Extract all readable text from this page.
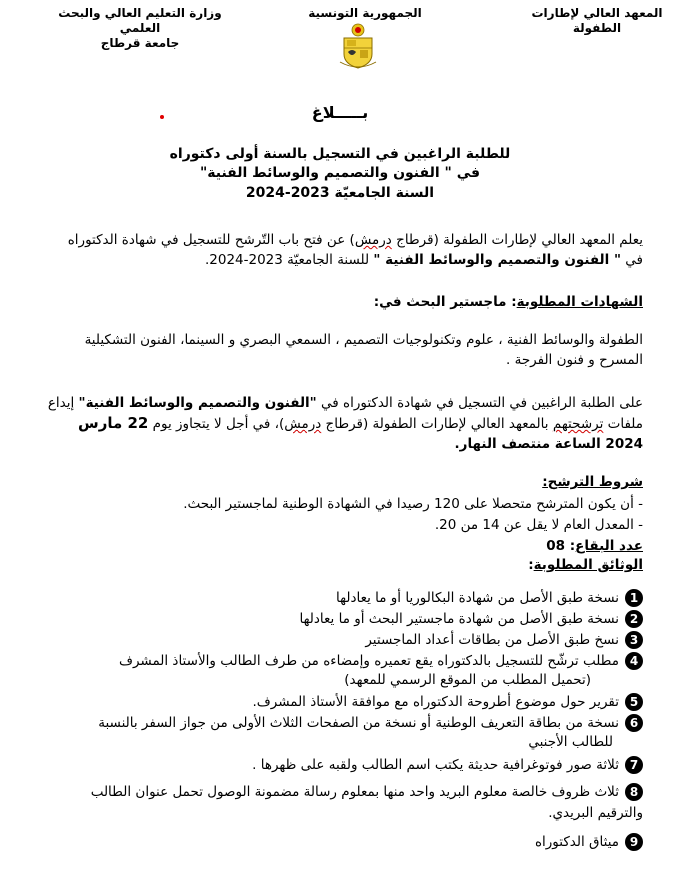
المعهد العالي لإطارات الطفولة
الجمهورية التونسية
وزارة التعليم العالي والبحث العلمي
جامعة قرطاج
بـــــلاغ
للطلبة الراغبين في التسجيل بالسنة أولى دكتوراه
في " الفنون والتصميم والوسائط الفنية"
السنة الجامعيّة 2023-2024
يعلم المعهد العالي لإطارات الطفولة (قرطاج درمش) عن فتح باب التّرشح للتسجيل في شهادة الدكتوراه
في " الفنون والتصميم والوسائط الفنية " للسنة الجامعيّة 2023-2024.
الشهادات المطلوبة: ماجستير البحث في:
الطفولة والوسائط الفنية ، علوم وتكنولوجيات التصميم ، السمعي البصري و السينما، الفنون التشكيلية
المسرح و فنون الفرجة .
على الطلبة الراغبين في التسجيل في شهادة الدكتوراه في "الفنون والتصميم والوسائط الفنية" إيداع
ملفات ترشحتهم بالمعهد العالي لإطارات الطفولة (قرطاج درمش)، في أجل لا يتجاوز يوم 22 مارس
2024 الساعة منتصف النهار.
شروط الترشح:
- أن يكون المترشح متحصلا على 120 رصيدا في الشهادة الوطنية لماجستير البحث.
- المعدل العام لا يقل عن 14 من 20.
عدد البقاع: 08
الوثائق المطلوبة:
1نسخة طبق الأصل من شهادة البكالوريا أو ما يعادلها
2نسخة طبق الأصل من شهادة ماجستير البحث أو ما يعادلها
3نسخ طبق الأصل من بطاقات أعداد الماجستير
4مطلب ترشّح للتسجيل بالدكتوراه يقع تعميره وإمضاءه من طرف الطالب والأستاذ المشرف
(تحميل المطلب من الموقع الرسمي للمعهد)
5تقرير حول موضوع أطروحة الدكتوراه مع موافقة الأستاذ المشرف.
6نسخة من بطاقة التعريف الوطنية أو نسخة من الصفحات الثلاث الأولى من جواز السفر بالنسبة
للطالب الأجنبي
7ثلاثة صور فوتوغرافية حديثة يكتب اسم الطالب ولقبه على ظهرها .
8ثلاث ظروف خالصة معلوم البريد واحد منها بمعلوم رسالة مضمونة الوصول تحمل عنوان الطالب
والترقيم البريدي.
9ميثاق الدكتوراه
